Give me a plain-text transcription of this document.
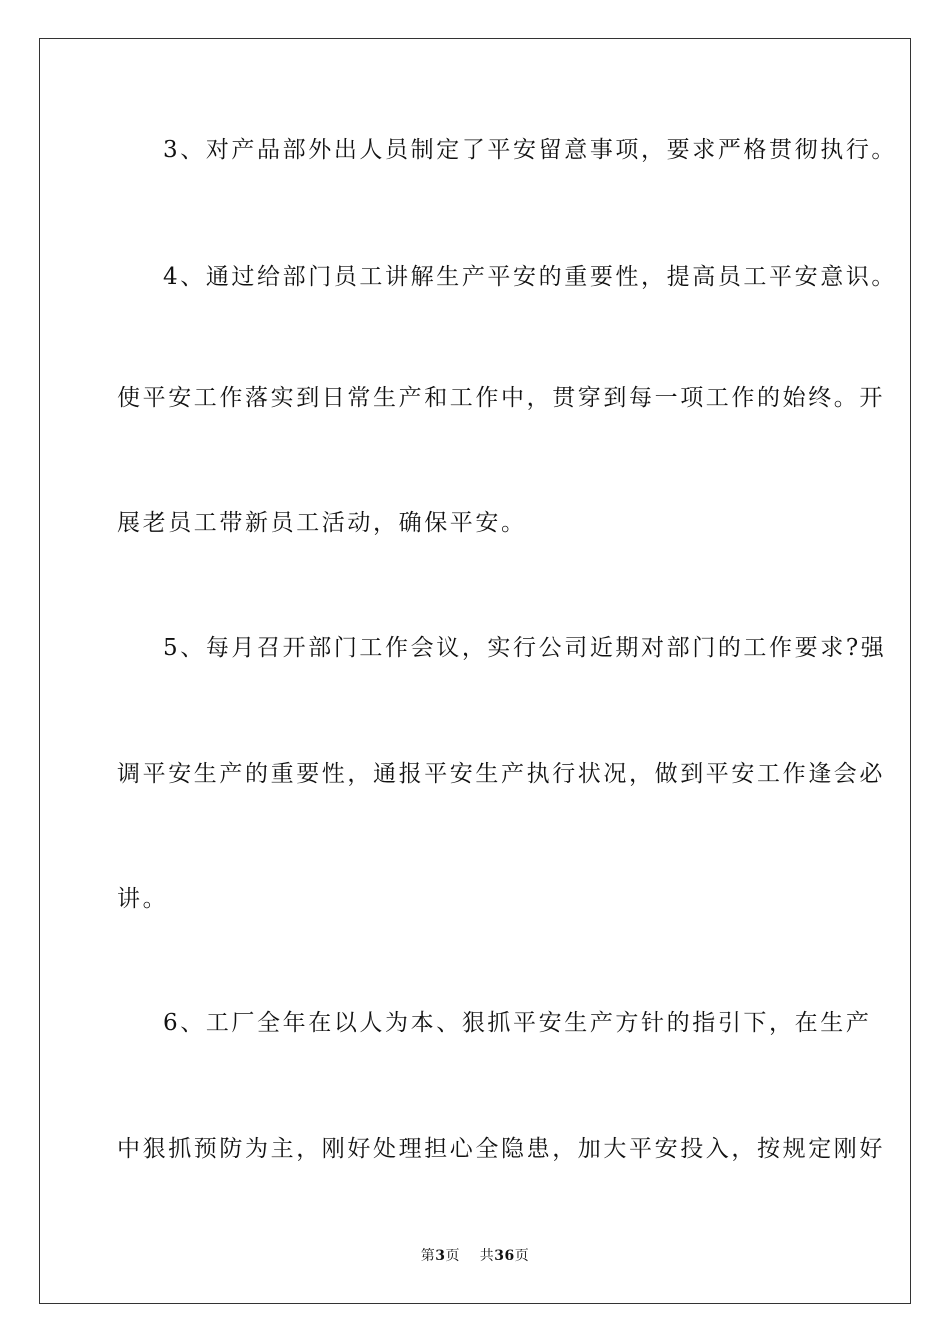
3、对产品部外出人员制定了平安留意事项，要求严格贯彻执行。
4、通过给部门员工讲解生产平安的重要性，提高员工平安意识。
使平安工作落实到日常生产和工作中，贯穿到每一项工作的始终。开
展老员工带新员工活动，确保平安。
5、每月召开部门工作会议，实行公司近期对部门的工作要求?强
调平安生产的重要性，通报平安生产执行状况，做到平安工作逢会必
讲。
6、工厂全年在以人为本、狠抓平安生产方针的指引下，在生产
中狠抓预防为主，刚好处理担心全隐患，加大平安投入，按规定刚好
第3页 共36页
